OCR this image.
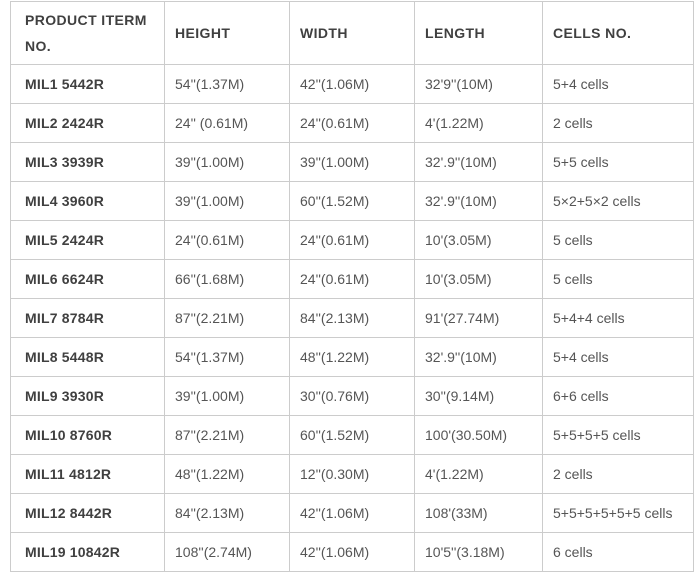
PRODUCT ITERM NO.	HEIGHT	WIDTH	LENGTH	CELLS NO.
MIL1 5442R	54''(1.37M)	42''(1.06M)	32'9''(10M)	5+4 cells
MIL2 2424R	24'' (0.61M)	24''(0.61M)	4'(1.22M)	2 cells
MIL3 3939R	39''(1.00M)	39''(1.00M)	32'.9''(10M)	5+5 cells
MIL4 3960R	39''(1.00M)	60''(1.52M)	32'.9''(10M)	5×2+5×2 cells
MIL5 2424R	24''(0.61M)	24''(0.61M)	10'(3.05M)	5 cells
MIL6 6624R	66''(1.68M)	24''(0.61M)	10'(3.05M)	5 cells
MIL7 8784R	87''(2.21M)	84''(2.13M)	91'(27.74M)	5+4+4 cells
MIL8 5448R	54''(1.37M)	48''(1.22M)	32'.9''(10M)	5+4 cells
MIL9 3930R	39''(1.00M)	30''(0.76M)	30''(9.14M)	6+6 cells
MIL10 8760R	87''(2.21M)	60''(1.52M)	100'(30.50M)	5+5+5+5 cells
MIL11 4812R	48''(1.22M)	12''(0.30M)	4'(1.22M)	2 cells
MIL12 8442R	84''(2.13M)	42''(1.06M)	108'(33M)	5+5+5+5+5+5 cells
MIL19 10842R	108''(2.74M)	42''(1.06M)	10'5''(3.18M)	6 cells
